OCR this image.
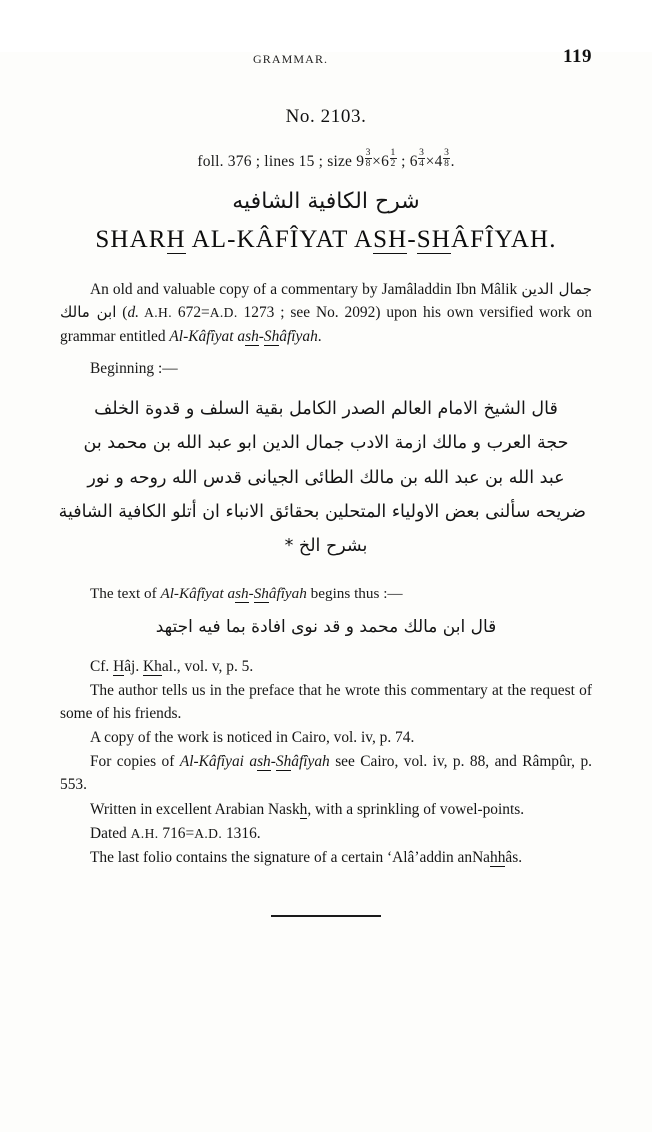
GRAMMAR.	119
No. 2103.
foll. 376 ; lines 15 ; size $9 \frac{3}{8} \times 6 \frac{1}{2}$ ; $6 \frac{3}{4} \times 4 \frac{3}{8}$ .
شرح الكافية الشافيه
SHARH AL-KÂFÎYAT ASH-SHÂFÎYAH.

An old and valuable copy of a commentary by Jamâladdin Ibn Mâlik جمال الدين ابن مالك (d. A.H. 672=A.D. 1273 ; see No. 2092) upon his own versified work on grammar entitled Al-Kâfîyat ash-Shâfîyah.

Beginning :—
قال الشيخ الامام العالم الصدر الكامل بقية السلف و قدوة الخلف
حجة العرب و مالك ازمة الادب جمال الدين ابو عبد الله بن محمد بن
عبد الله بن عبد الله بن مالك الطائى الجيانى قدس الله روحه و نور
ضريحه سألنى بعض الاولياء المتحلين بحقائق الانباء ان أتلو الكافية الشافية
بشرح الخ *
The text of Al-Kâfîyat ash-Shâfîyah begins thus :—
قال ابن مالك محمد و قد نوى افادة بما فيه اجتهد

Cf. Hâj. Khal., vol. v, p. 5.

The author tells us in the preface that he wrote this commentary at the request of some of his friends.

A copy of the work is noticed in Cairo, vol. iv, p. 74.

For copies of Al-Kâfîyai ash-Shâfîyah see Cairo, vol. iv, p. 88, and Râmpûr, p. 553.

Written in excellent Arabian Naskh, with a sprinkling of vowel-points.

Dated A.H. 716=A.D. 1316.

The last folio contains the signature of a certain ‘Alâ’addin anNahhâs.
